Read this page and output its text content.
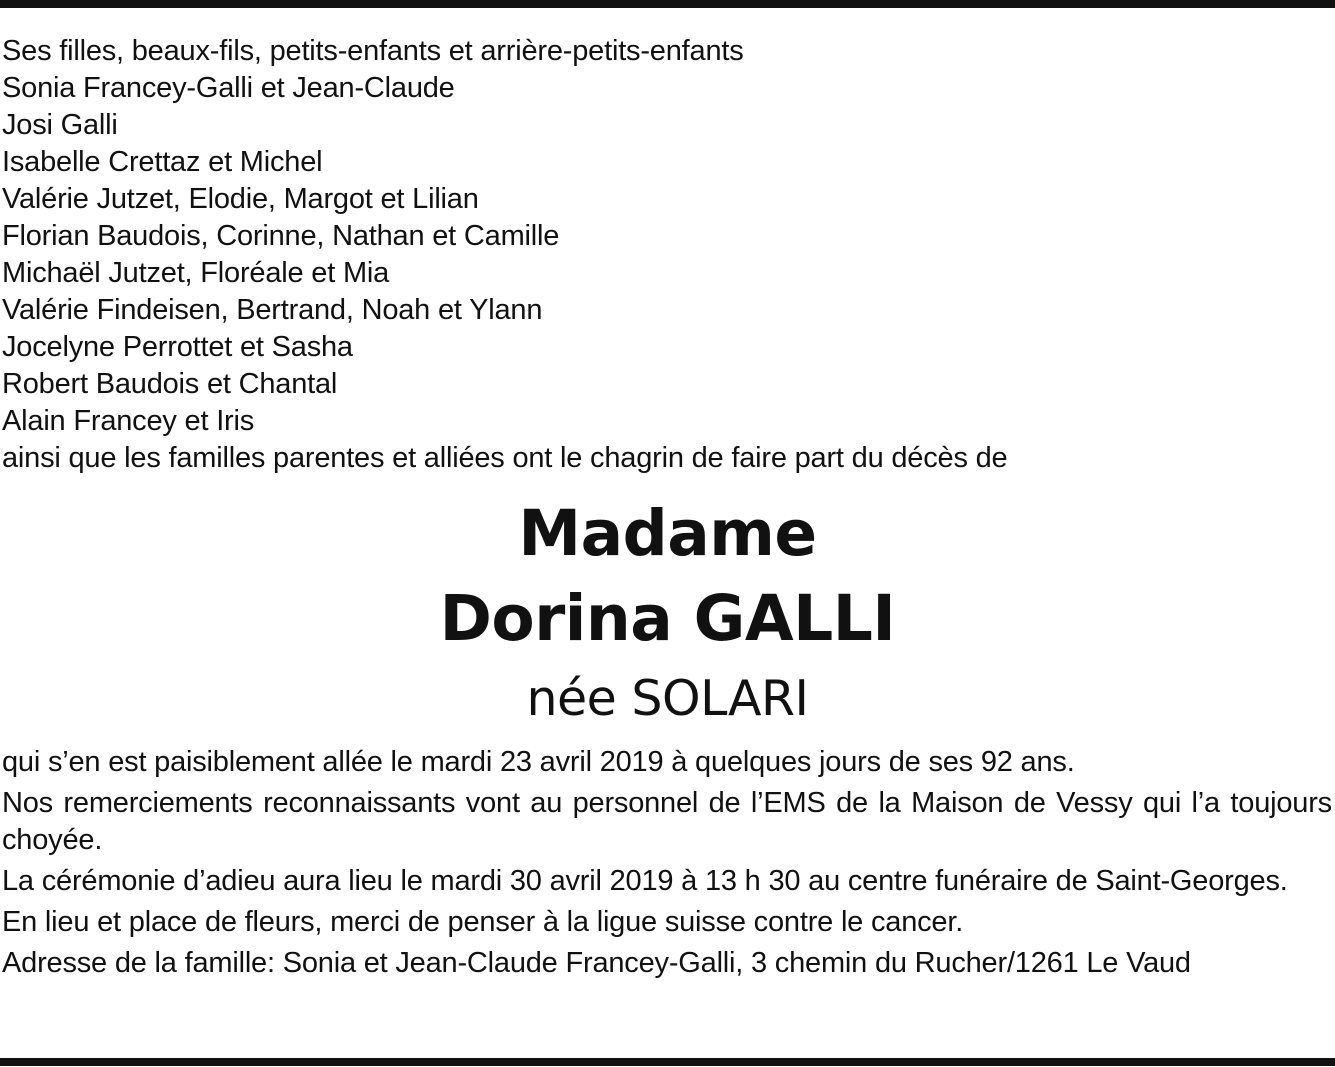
Ses filles, beaux-fils, petits-enfants et arrière-petits-enfants
Sonia Francey-Galli et Jean-Claude
Josi Galli
Isabelle Crettaz et Michel
Valérie Jutzet, Elodie, Margot et Lilian
Florian Baudois, Corinne, Nathan et Camille
Michaël Jutzet, Floréale et Mia
Valérie Findeisen, Bertrand, Noah et Ylann
Jocelyne Perrottet et Sasha
Robert Baudois et Chantal
Alain Francey et Iris
ainsi que les familles parentes et alliées ont le chagrin de faire part du décès de
Madame
Dorina GALLI
née SOLARI

qui s’en est paisiblement allée le mardi 23 avril 2019 à quelques jours de ses 92 ans.

Nos remerciements reconnaissants vont au personnel de l’EMS de la Maison de Vessy qui l’a toujours choyée.

La cérémonie d’adieu aura lieu le mardi 30 avril 2019 à 13 h 30 au centre funéraire de Saint-Georges.

En lieu et place de fleurs, merci de penser à la ligue suisse contre le cancer.

Adresse de la famille: Sonia et Jean-Claude Francey-Galli, 3 chemin du Rucher/1261 Le Vaud
